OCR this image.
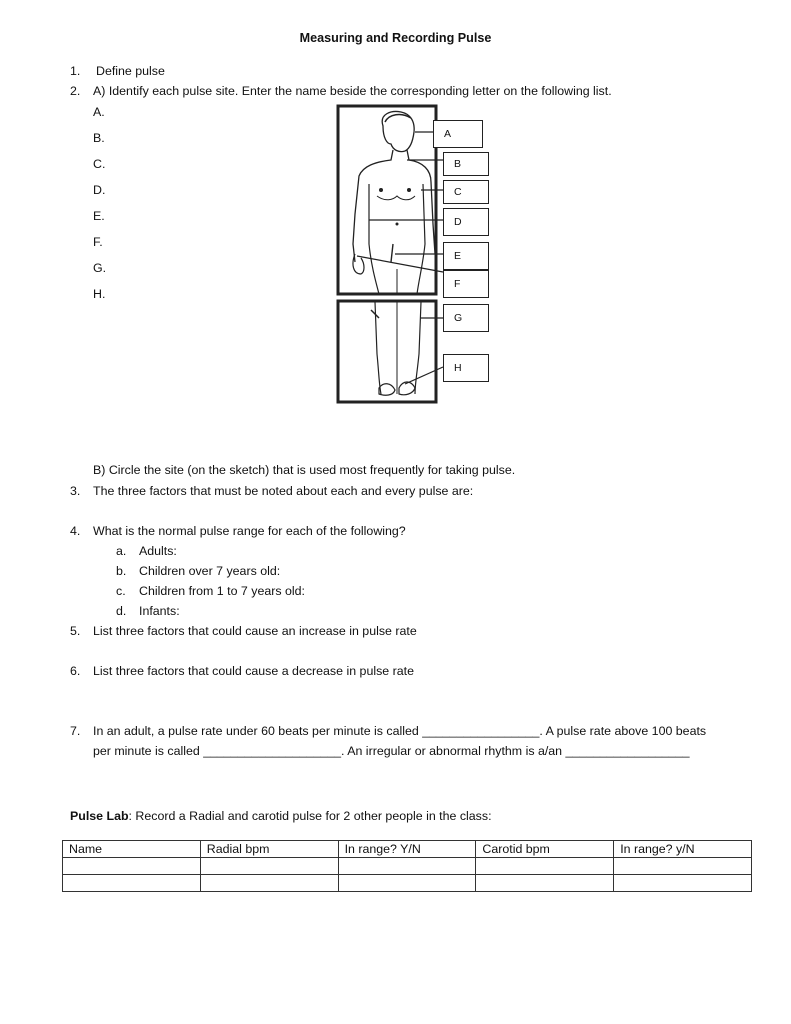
Measuring and Recording Pulse
1.	Define pulse
2.	A) Identify each pulse site. Enter the name beside the corresponding letter on the following list.
A.
B.
C.
D.
E.
F.
G.
H.
A
B
C
D
E
F
G
H
B) Circle the site (on the sketch) that is used most frequently for taking pulse.
3.	The three factors that must be noted about each and every pulse are:
4.	What is the normal pulse range for each of the following?
a. Adults:
b. Children over 7 years old:
c. Children from 1 to 7 years old:
d. Infants:
5.	List three factors that could cause an increase in pulse rate
6.	List three factors that could cause a decrease in pulse rate
7.	In an adult, a pulse rate under 60 beats per minute is called _________________. A pulse rate above 100 beats
per minute is called ____________________. An irregular or abnormal rhythm is a/an __________________
Pulse Lab: Record a Radial and carotid pulse for 2 other people in the class:
Name	Radial bpm	In range? Y/N	Carotid bpm	In range? y/N
